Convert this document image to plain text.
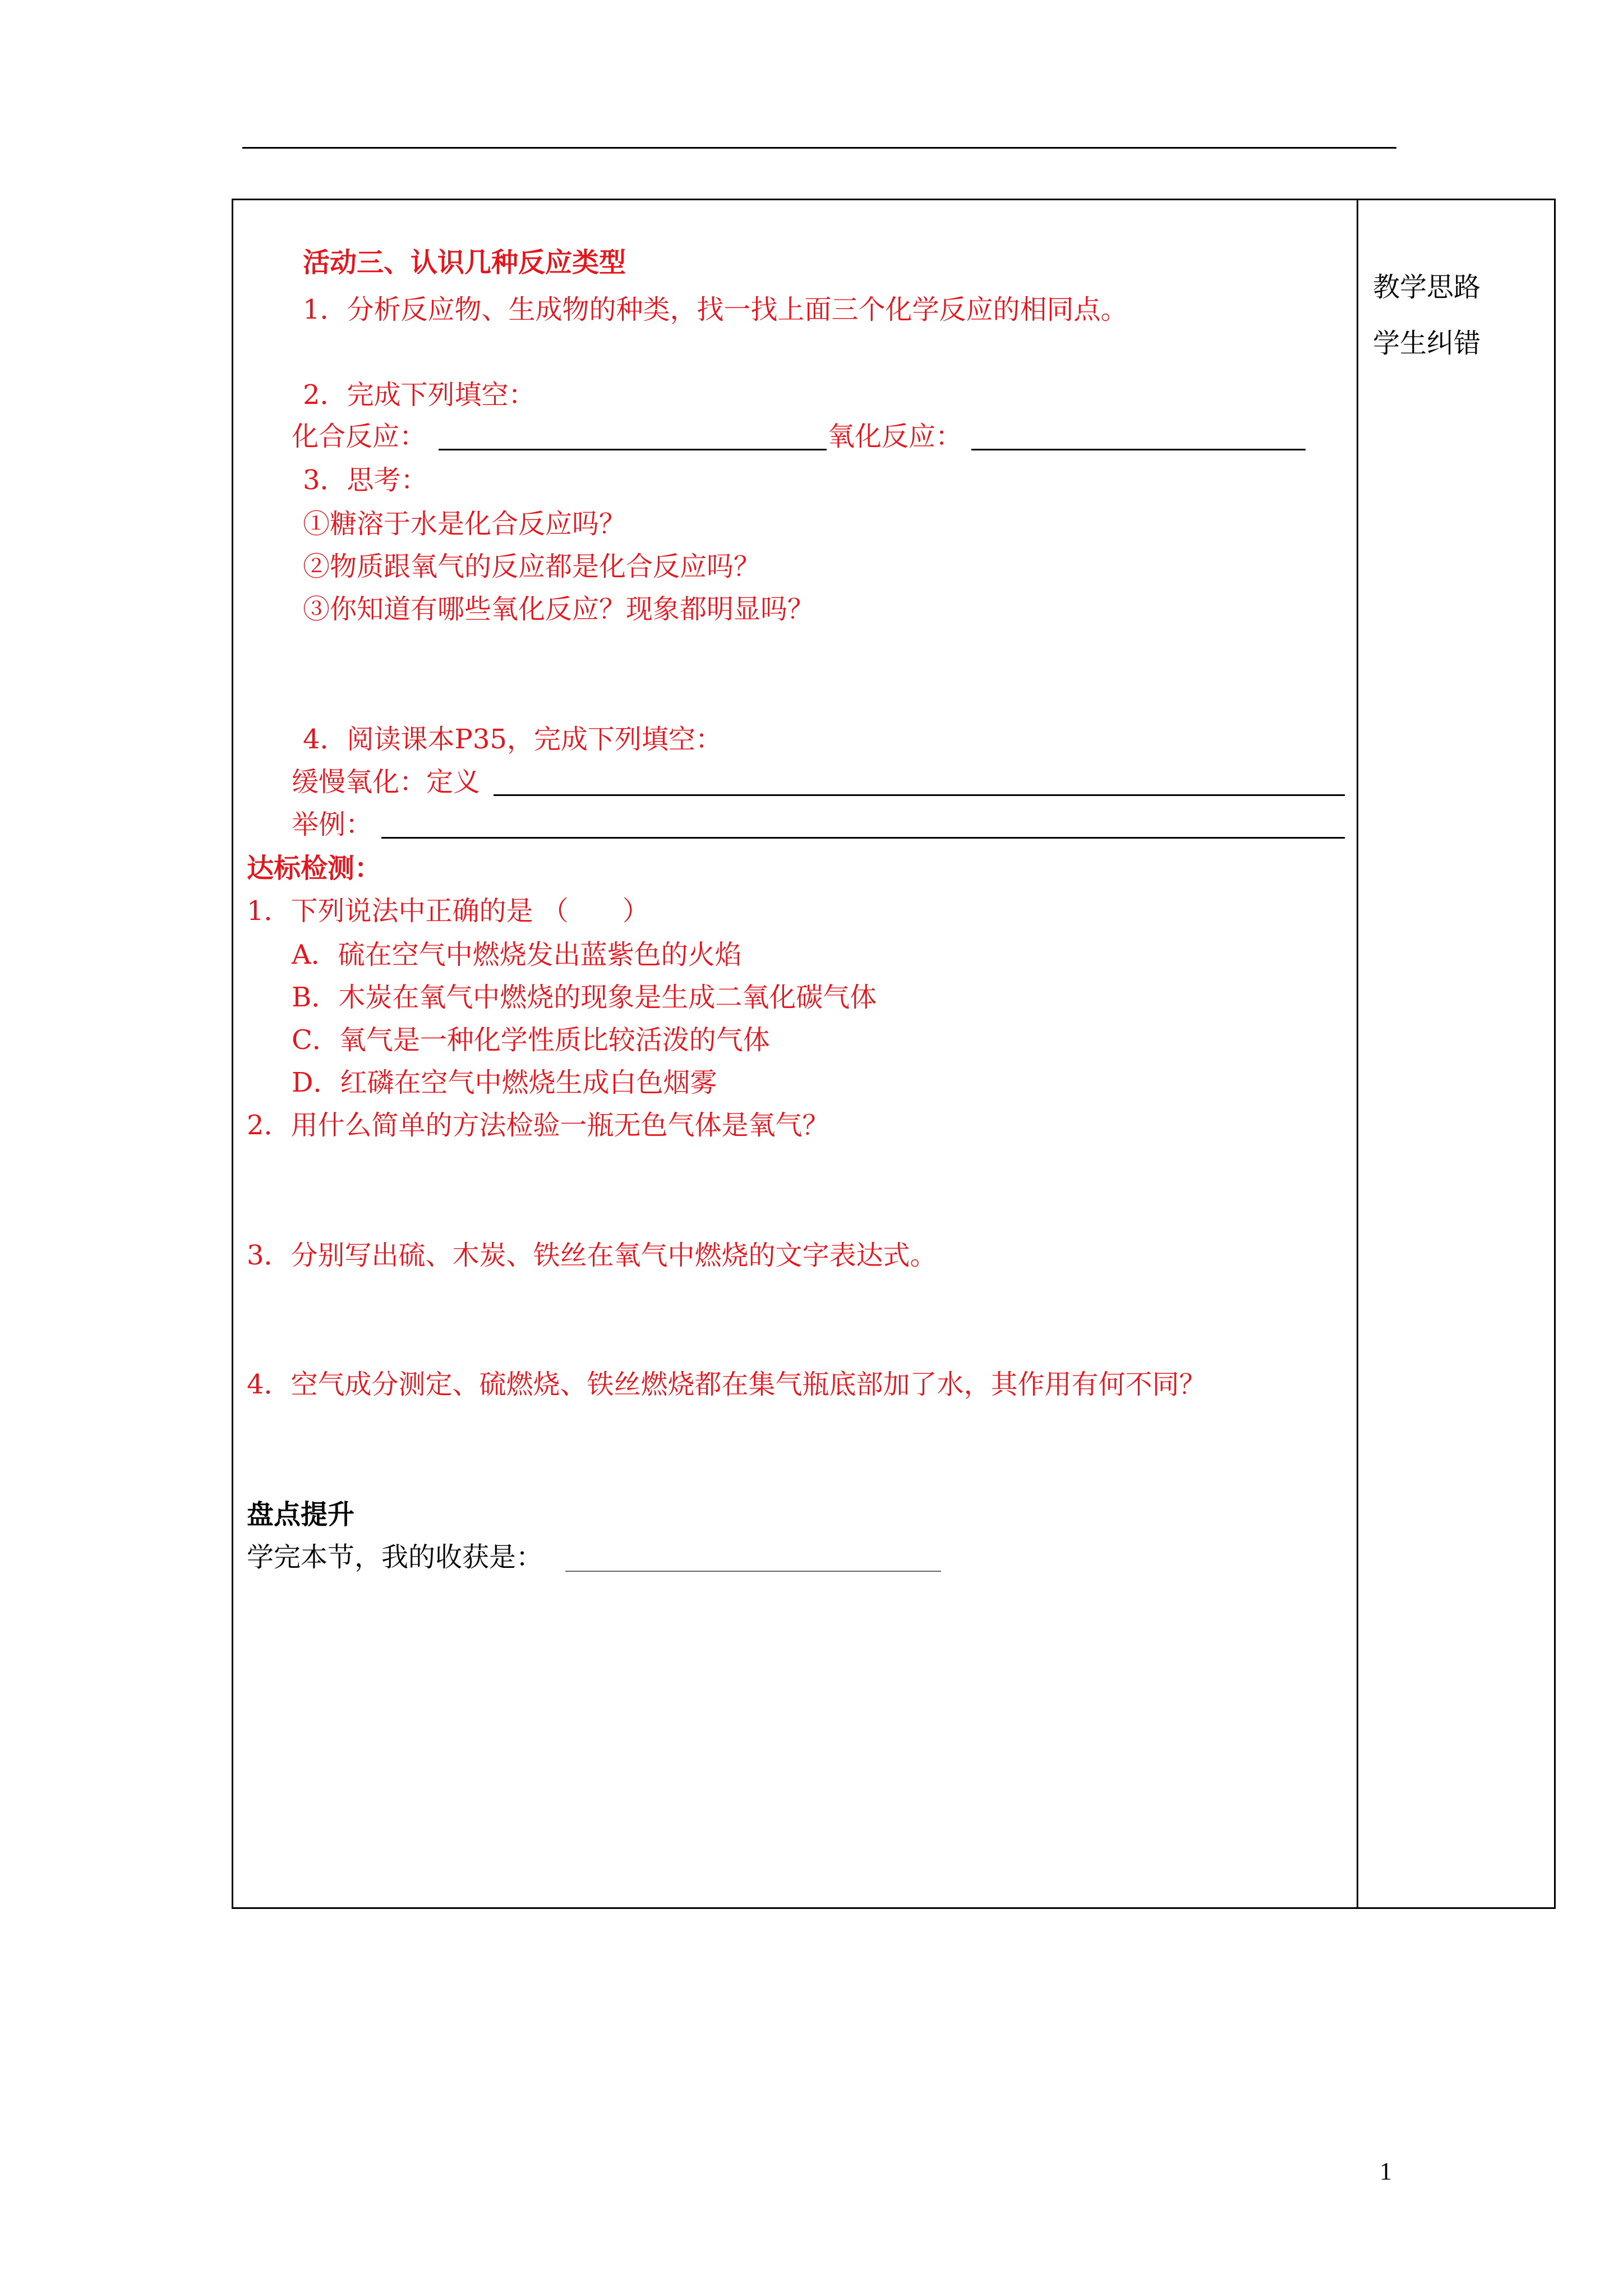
活动三、认识几种反应类型
1．分析反应物、生成物的种类，找一找上面三个化学反应的相同点。
2．完成下列填空：
化合反应：	氧化反应：
3．思考：
①糖溶于水是化合反应吗？
②物质跟氧气的反应都是化合反应吗？
③你知道有哪些氧化反应？现象都明显吗？
4．阅读课本P35，完成下列填空：
缓慢氧化：定义
举例：
达标检测：
1．下列说法中正确的是 （　　）
A．硫在空气中燃烧发出蓝紫色的火焰
B．木炭在氧气中燃烧的现象是生成二氧化碳气体
C．氧气是一种化学性质比较活泼的气体
D．红磷在空气中燃烧生成白色烟雾
2．用什么简单的方法检验一瓶无色气体是氧气？
3．分别写出硫、木炭、铁丝在氧气中燃烧的文字表达式。
4．空气成分测定、硫燃烧、铁丝燃烧都在集气瓶底部加了水，其作用有何不同？
盘点提升
学完本节，我的收获是：
教学思路
学生纠错
1
